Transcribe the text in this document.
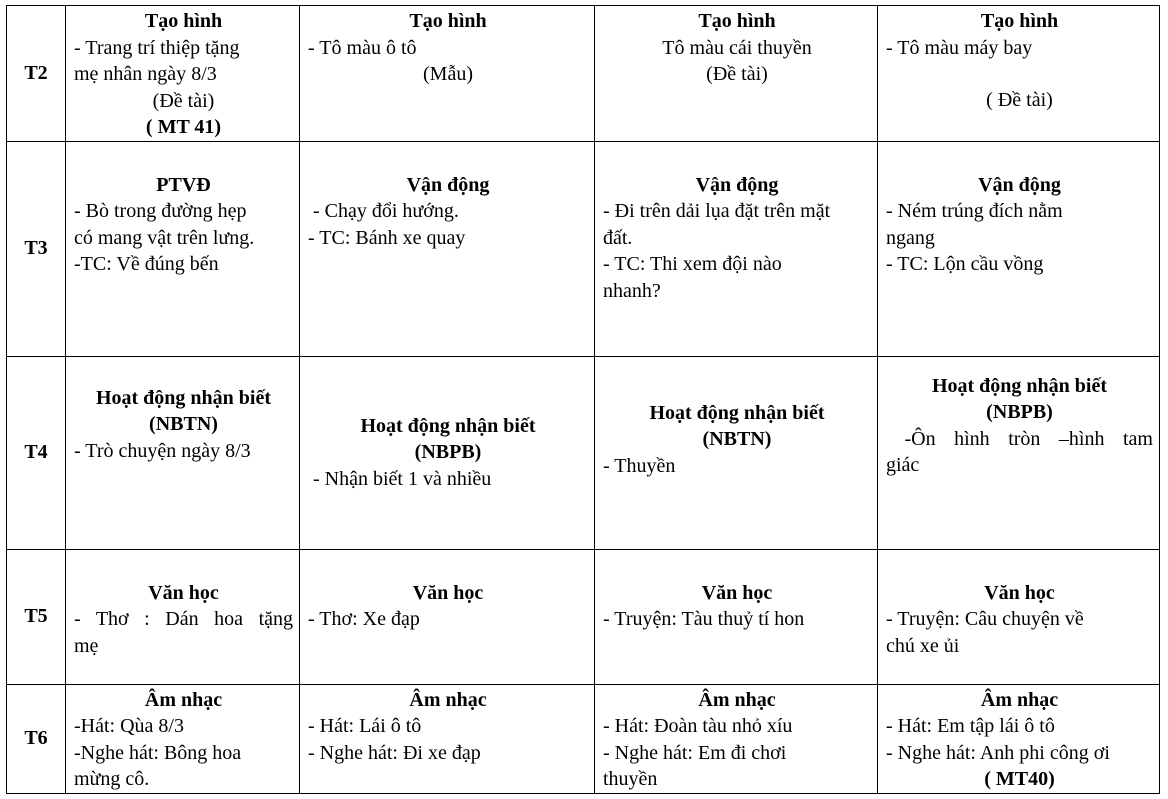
T2	Tạo hình
- Trang trí thiệp tặng
mẹ nhân ngày 8/3
(Đề tài)
( MT 41)	Tạo hình
- Tô màu ô tô
(Mẫu)	Tạo hình
Tô màu cái thuyền
(Đề tài)	Tạo hình
- Tô màu máy bay
( Đề tài)

T3	PTVĐ
- Bò trong đường hẹp
có mang vật trên lưng.
-TC: Về đúng bến	Vận động
- Chạy đổi hướng.
- TC: Bánh xe quay	Vận động
- Đi trên dải lụa đặt trên mặt
đất.
- TC: Thi xem đội nào
nhanh?	Vận động
- Ném trúng đích nằm
ngang
- TC: Lộn cầu vồng

T4	Hoạt động nhận biết
(NBTN)
- Trò chuyện ngày 8/3	Hoạt động nhận biết
(NBPB)
- Nhận biết 1 và nhiều	Hoạt động nhận biết
(NBTN)
- Thuyền	Hoạt động nhận biết
(NBPB)
-Ôn hình tròn –hình tam
giác

T5	Văn học
- Thơ : Dán hoa tặng
mẹ	Văn học
- Thơ: Xe đạp	Văn học
- Truyện: Tàu thuỷ tí hon	Văn học
- Truyện: Câu chuyện về
chú xe ủi

T6	Âm nhạc
-Hát: Qùa 8/3
-Nghe hát: Bông hoa
mừng cô.	Âm nhạc
- Hát: Lái ô tô
- Nghe hát: Đi xe đạp	Âm nhạc
- Hát: Đoàn tàu nhỏ xíu
- Nghe hát: Em đi chơi
thuyền	Âm nhạc
- Hát: Em tập lái ô tô
- Nghe hát: Anh phi công ơi
( MT40)
